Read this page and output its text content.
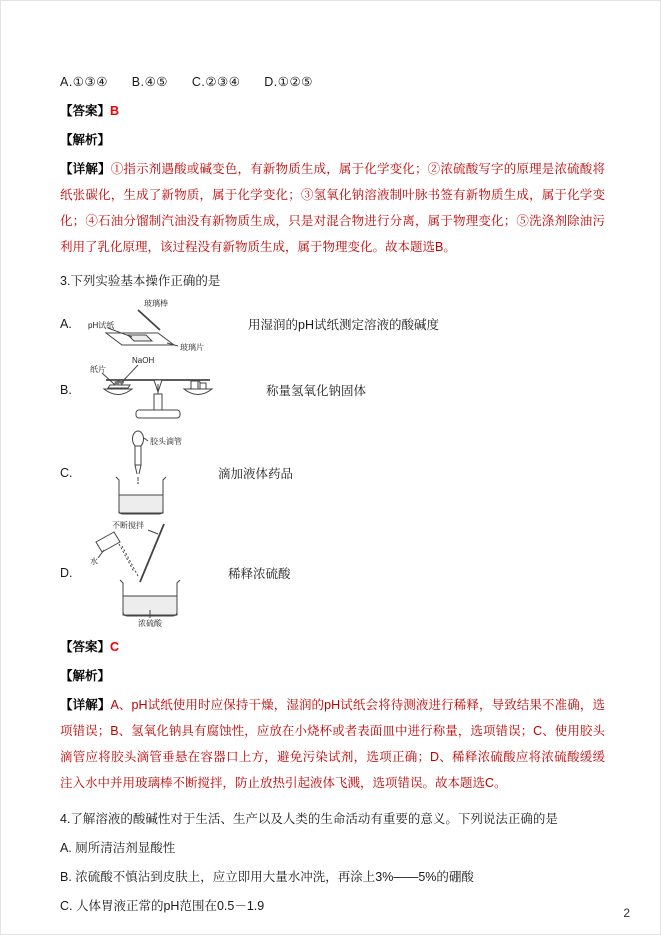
A.①③④      B.④⑤      C.②③④      D.①②⑤

【答案】B

【解析】

【详解】①指示剂遇酸或碱变色，有新物质生成，属于化学变化；②浓硫酸写字的原理是浓硫酸将纸张碳化，生成了新物质，属于化学变化；③氢氧化钠溶液制叶脉书签有新物质生成，属于化学变化；④石油分馏制汽油没有新物质生成，只是对混合物进行分离，属于物理变化；⑤洗涤剂除油污利用了乳化原理，该过程没有新物质生成，属于物理变化。故本题选B。

3.下列实验基本操作正确的是

A.
玻璃棒
pH试纸
玻璃片
用湿润的pH试纸测定溶液的酸碱度
B.
纸片
NaOH
称量氢氧化钠固体
C.
胶头滴管
滴加液体药品
D.
不断搅拌
水
浓硫酸
稀释浓硫酸

【答案】C

【解析】

【详解】A、pH试纸使用时应保持干燥，湿润的pH试纸会将待测液进行稀释，导致结果不准确，选项错误；B、氢氧化钠具有腐蚀性，应放在小烧杯或者表面皿中进行称量，选项错误；C、使用胶头滴管应将胶头滴管垂悬在容器口上方，避免污染试剂，选项正确；D、稀释浓硫酸应将浓硫酸缓缓注入水中并用玻璃棒不断搅拌，防止放热引起液体飞溅，选项错误。故本题选C。

4.了解溶液的酸碱性对于生活、生产以及人类的生命活动有重要的意义。下列说法正确的是

A. 厕所清洁剂显酸性

B. 浓硫酸不慎沾到皮肤上，应立即用大量水冲洗，再涂上3%——5%的硼酸

C. 人体胃液正常的pH范围在0.5－1.9	2
